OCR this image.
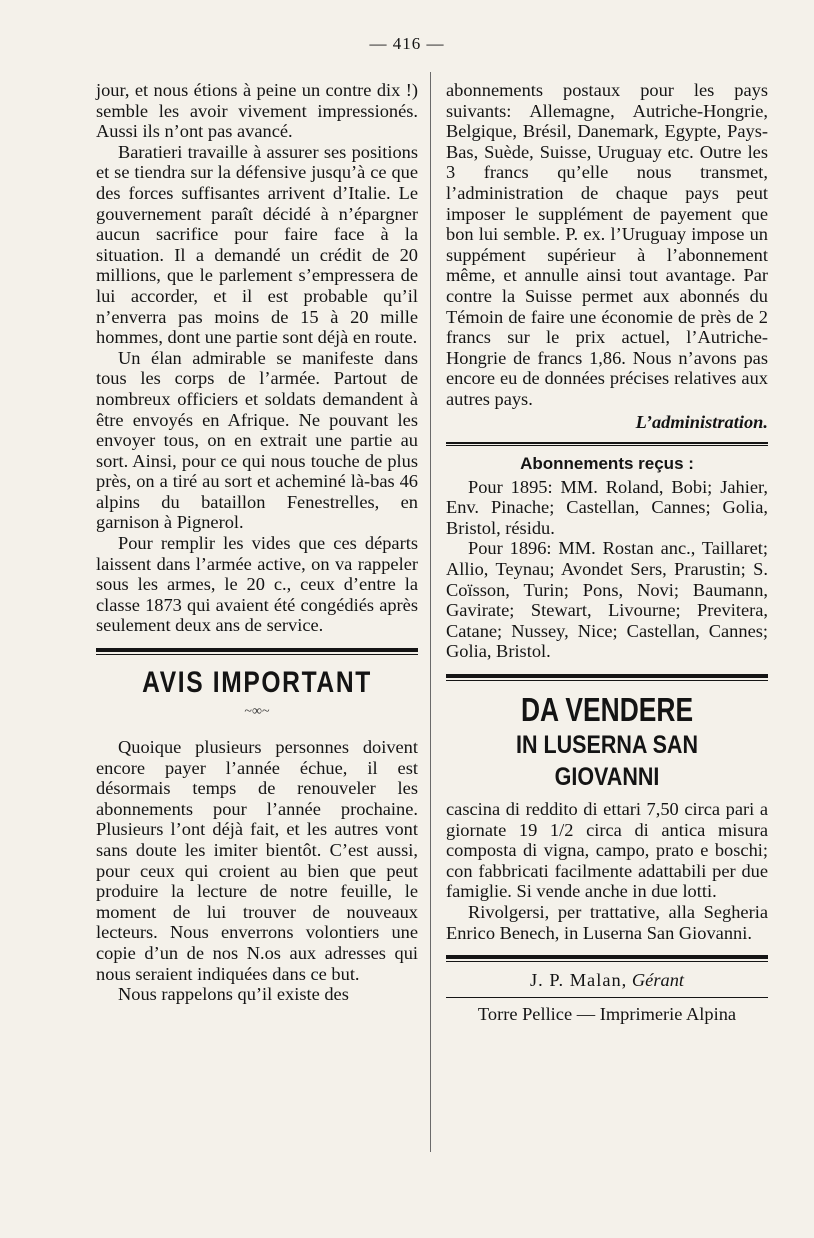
— 416 —

jour, et nous étions à peine un contre dix !) semble les avoir vivement impressionés. Aussi ils n’ont pas avancé.

Baratieri travaille à assurer ses positions et se tiendra sur la défensive jusqu’à ce que des forces suffisantes arrivent d’Italie. Le gouvernement paraît décidé à n’épargner aucun sacrifice pour faire face à la situation. Il a demandé un crédit de 20 millions, que le parlement s’empressera de lui accorder, et il est probable qu’il n’enverra pas moins de 15 à 20 mille hommes, dont une partie sont déjà en route.

Un élan admirable se manifeste dans tous les corps de l’armée. Partout de nombreux officiers et soldats demandent à être envoyés en Afrique. Ne pouvant les envoyer tous, on en extrait une partie au sort. Ainsi, pour ce qui nous touche de plus près, on a tiré au sort et acheminé là-bas 46 alpins du bataillon Fenestrelles, en garnison à Pignerol.

Pour remplir les vides que ces départs laissent dans l’armée active, on va rappeler sous les armes, le 20 c., ceux d’entre la classe 1873 qui avaient été congédiés après seulement deux ans de service.

AVIS IMPORTANT
~∞~

Quoique plusieurs personnes doivent encore payer l’année échue, il est désormais temps de renouveler les abonnements pour l’année prochaine. Plusieurs l’ont déjà fait, et les autres vont sans doute les imiter bientôt. C’est aussi, pour ceux qui croient au bien que peut produire la lecture de notre feuille, le moment de lui trouver de nouveaux lecteurs. Nous enverrons volontiers une copie d’un de nos N.os aux adresses qui nous seraient indiquées dans ce but.

Nous rappelons qu’il existe des

abonnements postaux pour les pays suivants: Allemagne, Autriche-Hongrie, Belgique, Brésil, Danemark, Egypte, Pays-Bas, Suède, Suisse, Uruguay etc. Outre les 3 francs qu’elle nous transmet, l’administration de chaque pays peut imposer le supplément de payement que bon lui semble. P. ex. l’Uruguay impose un suppément supérieur à l’abonnement même, et annulle ainsi tout avantage. Par contre la Suisse permet aux abonnés du Témoin de faire une économie de près de 2 francs sur le prix actuel, l’Autriche-Hongrie de francs 1,86. Nous n’avons pas encore eu de données précises relatives aux autres pays.

L’administration.
Abonnements reçus :

Pour 1895: MM. Roland, Bobi; Jahier, Env. Pinache; Castellan, Cannes; Golia, Bristol, résidu.

Pour 1896: MM. Rostan anc., Taillaret; Allio, Teynau; Avondet Sers, Prarustin; S. Coïsson, Turin; Pons, Novi; Baumann, Gavirate; Stewart, Livourne; Previtera, Catane; Nussey, Nice; Castellan, Cannes; Golia, Bristol.

DA VENDERE
IN LUSERNA SAN GIOVANNI

cascina di reddito di ettari 7,50 circa pari a giornate 19 1/2 circa di antica misura composta di vigna, campo, prato e boschi; con fabbricati facilmente adattabili per due famiglie. Si vende anche in due lotti.

Rivolgersi, per trattative, alla Segheria Enrico Benech, in Luserna San Giovanni.

J. P. Malan, Gérant
Torre Pellice — Imprimerie Alpina
